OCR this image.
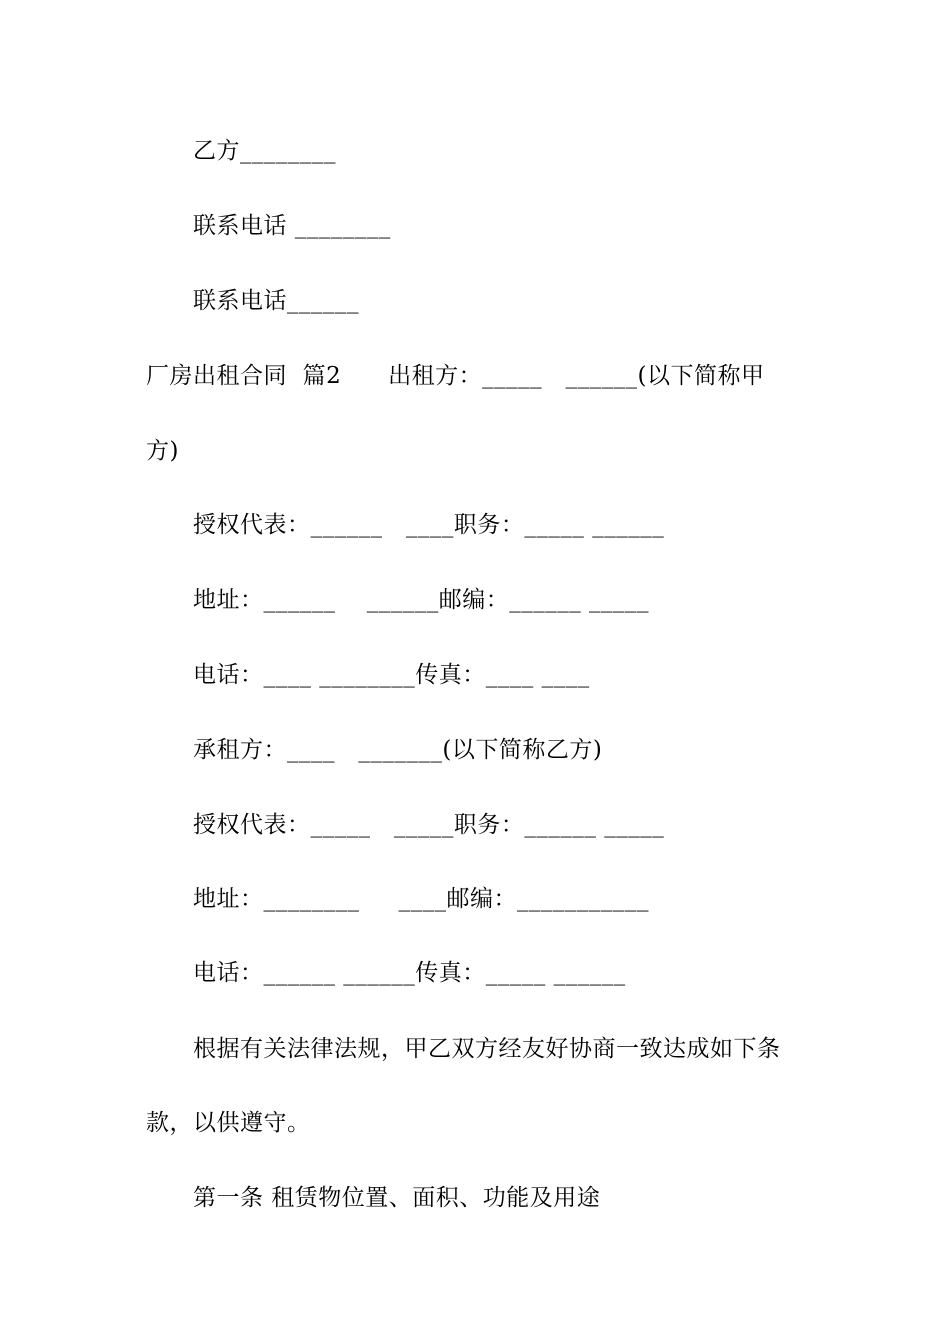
乙方________
联系电话 ________
联系电话______
厂房出租合同  篇2      出租方：_____   ______(以下简称甲
方)
授权代表：______   ____职务：_____ ______
地址：______    ______邮编：______ _____
电话：____ ________传真：____ ____
承租方：____   _______(以下简称乙方)
授权代表：_____   _____职务：______ _____
地址：________     ____邮编：___________
电话：______ ______传真：_____ ______
根据有关法律法规，甲乙双方经友好协商一致达成如下条
款，以供遵守。
第一条 租赁物位置、面积、功能及用途
